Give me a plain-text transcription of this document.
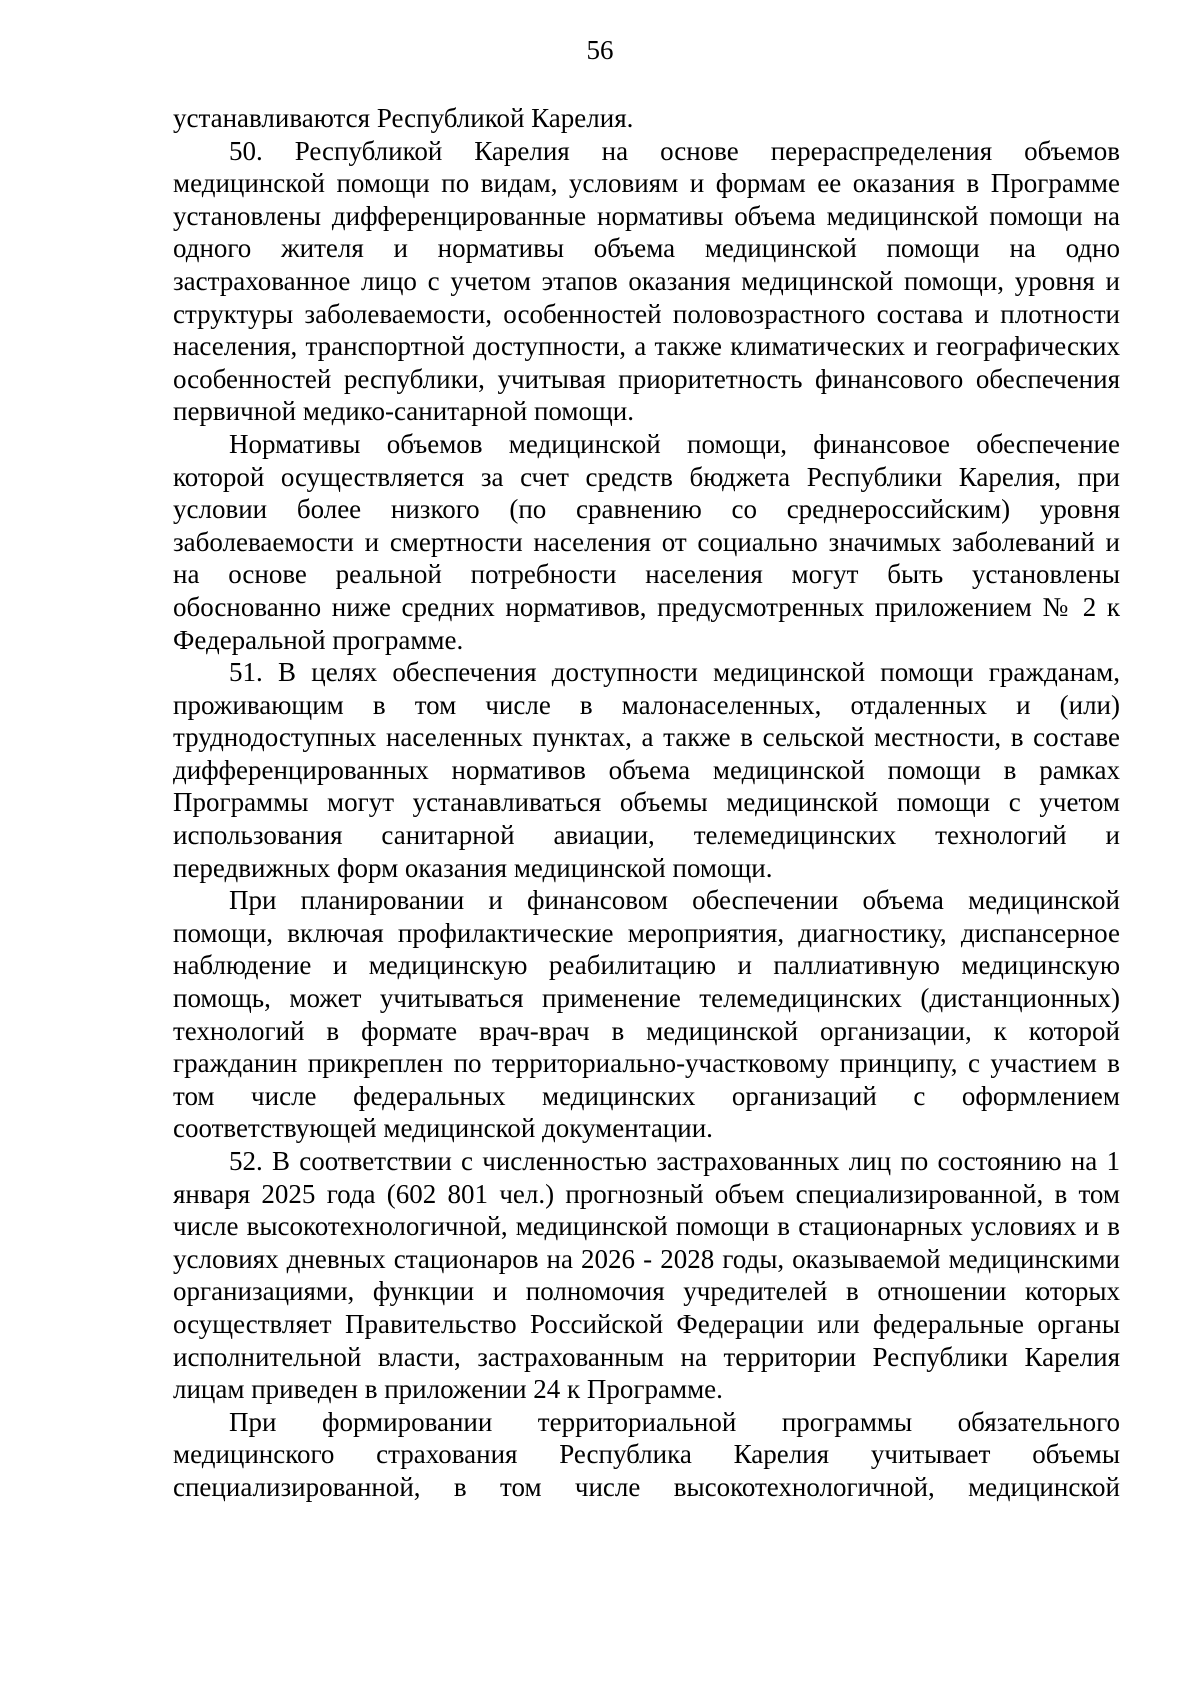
56

устанавливаются Республикой Карелия.

50. Республикой Карелия на основе перераспределения объемов медицинской помощи по видам, условиям и формам ее оказания в Программе установлены дифференцированные нормативы объема медицинской помощи на одного жителя и нормативы объема медицинской помощи на одно застрахованное лицо с учетом этапов оказания медицинской помощи, уровня и структуры заболеваемости, особенностей половозрастного состава и плотности населения, транспортной доступности, а также климатических и географических особенностей республики, учитывая приоритетность финансового обеспечения первичной медико-санитарной помощи.

Нормативы объемов медицинской помощи, финансовое обеспечение которой осуществляется за счет средств бюджета Республики Карелия, при условии более низкого (по сравнению со среднероссийским) уровня заболеваемости и смертности населения от социально значимых заболеваний и на основе реальной потребности населения могут быть установлены обоснованно ниже средних нормативов, предусмотренных приложением № 2 к Федеральной программе.

51. В целях обеспечения доступности медицинской помощи гражданам, проживающим в том числе в малонаселенных, отдаленных и (или) труднодоступных населенных пунктах, а также в сельской местности, в составе дифференцированных нормативов объема медицинской помощи в рамках Программы могут устанавливаться объемы медицинской помощи с учетом использования санитарной авиации, телемедицинских технологий и передвижных форм оказания медицинской помощи.

При планировании и финансовом обеспечении объема медицинской помощи, включая профилактические мероприятия, диагностику, диспансерное наблюдение и медицинскую реабилитацию и паллиативную медицинскую помощь, может учитываться применение телемедицинских (дистанционных) технологий в формате врач-врач в медицинской организации, к которой гражданин прикреплен по территориально-участковому принципу, с участием в том числе федеральных медицинских организаций с оформлением соответствующей медицинской документации.

52. В соответствии с численностью застрахованных лиц по состоянию на 1 января 2025 года (602 801 чел.) прогнозный объем специализированной, в том числе высокотехнологичной, медицинской помощи в стационарных условиях и в условиях дневных стационаров на 2026 - 2028 годы, оказываемой медицинскими организациями, функции и полномочия учредителей в отношении которых осуществляет Правительство Российской Федерации или федеральные органы исполнительной власти, застрахованным на территории Республики Карелия лицам приведен в приложении 24 к Программе.

При формировании территориальной программы обязательного медицинского страхования Республика Карелия учитывает объемы специализированной, в том числе высокотехнологичной, медицинской
